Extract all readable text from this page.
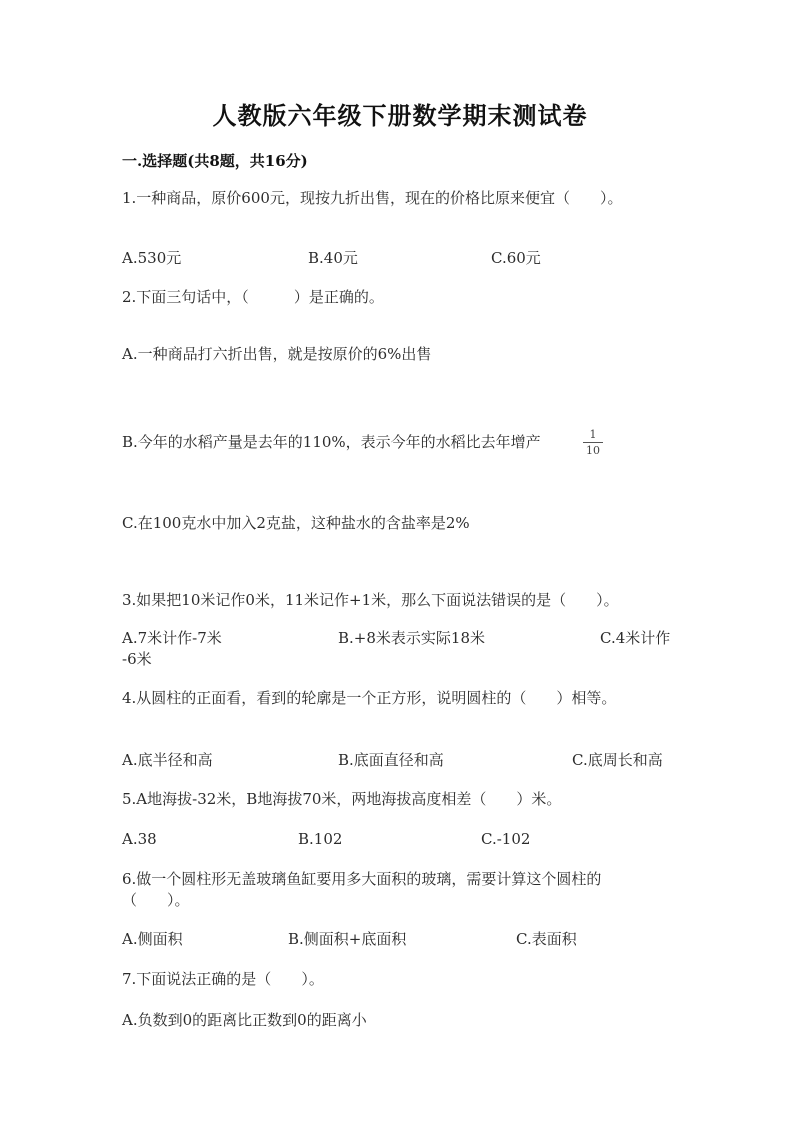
人教版六年级下册数学期末测试卷
一.选择题(共8题，共16分)
1.一种商品，原价600元，现按九折出售，现在的价格比原来便宜（　　）。
A.530元	B.40元	C.60元
2.下面三句话中，（　　　）是正确的。
A.一种商品打六折出售，就是按原价的6%出售
B.今年的水稻产量是去年的110%，表示今年的水稻比去年增产	1
10
C.在100克水中加入2克盐，这种盐水的含盐率是2%
3.如果把10米记作0米，11米记作+1米，那么下面说法错误的是（　　）。
A.7米计作-7米	B.+8米表示实际18米	C.4米计作
-6米
4.从圆柱的正面看，看到的轮廓是一个正方形，说明圆柱的（　　）相等。
A.底半径和高	B.底面直径和高	C.底周长和高
5.A地海拔-32米，B地海拔70米，两地海拔高度相差（　　）米。
A.38	B.102	C.-102
6.做一个圆柱形无盖玻璃鱼缸要用多大面积的玻璃，需要计算这个圆柱的
（　　）。
A.侧面积	B.侧面积+底面积	C.表面积
7.下面说法正确的是（　　）。
A.负数到0的距离比正数到0的距离小
